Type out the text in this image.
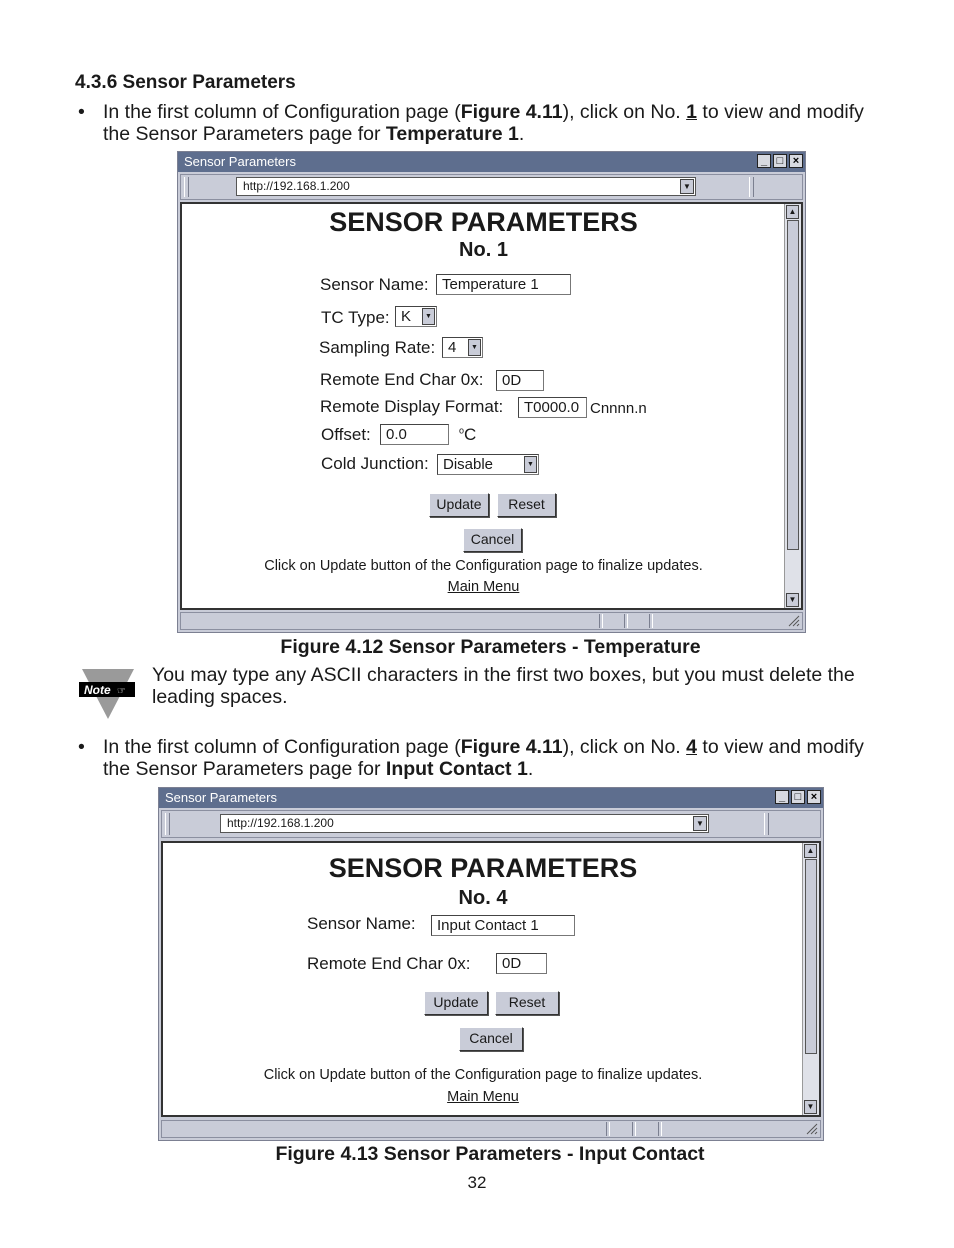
4.3.6 Sensor Parameters
• In the first column of Configuration page (Figure 4.11), click on No. 1 to view and modify the Sensor Parameters page for Temperature 1.
Sensor Parameters	_ □ ×
http://192.168.1.200	▼
SENSOR PARAMETERS
No. 1
Sensor Name: Temperature 1
TC Type: K	▼
Sampling Rate: 4	▼
Remote End Char 0x:	0D
Remote Display Format:	T0000.0 Cnnnn.n
Offset:	0.0	$^o$C
Cold Junction: Disable	▼
Update	Reset
Cancel
Click on Update button of the Configuration page to finalize updates.
Main Menu
▲
▼
Figure 4.12 Sensor Parameters - Temperature
Note ☞
You may type any ASCII characters in the first two boxes, but you must delete the leading spaces.
• In the first column of Configuration page (Figure 4.11), click on No. 4 to view and modify the Sensor Parameters page for Input Contact 1.
Sensor Parameters	_ □ ×
http://192.168.1.200	▼
SENSOR PARAMETERS
No. 4
Sensor Name:	Input Contact 1
Remote End Char 0x:	0D
Update	Reset
Cancel
Click on Update button of the Configuration page to finalize updates.
Main Menu
▲
▼
Figure 4.13 Sensor Parameters - Input Contact
32
